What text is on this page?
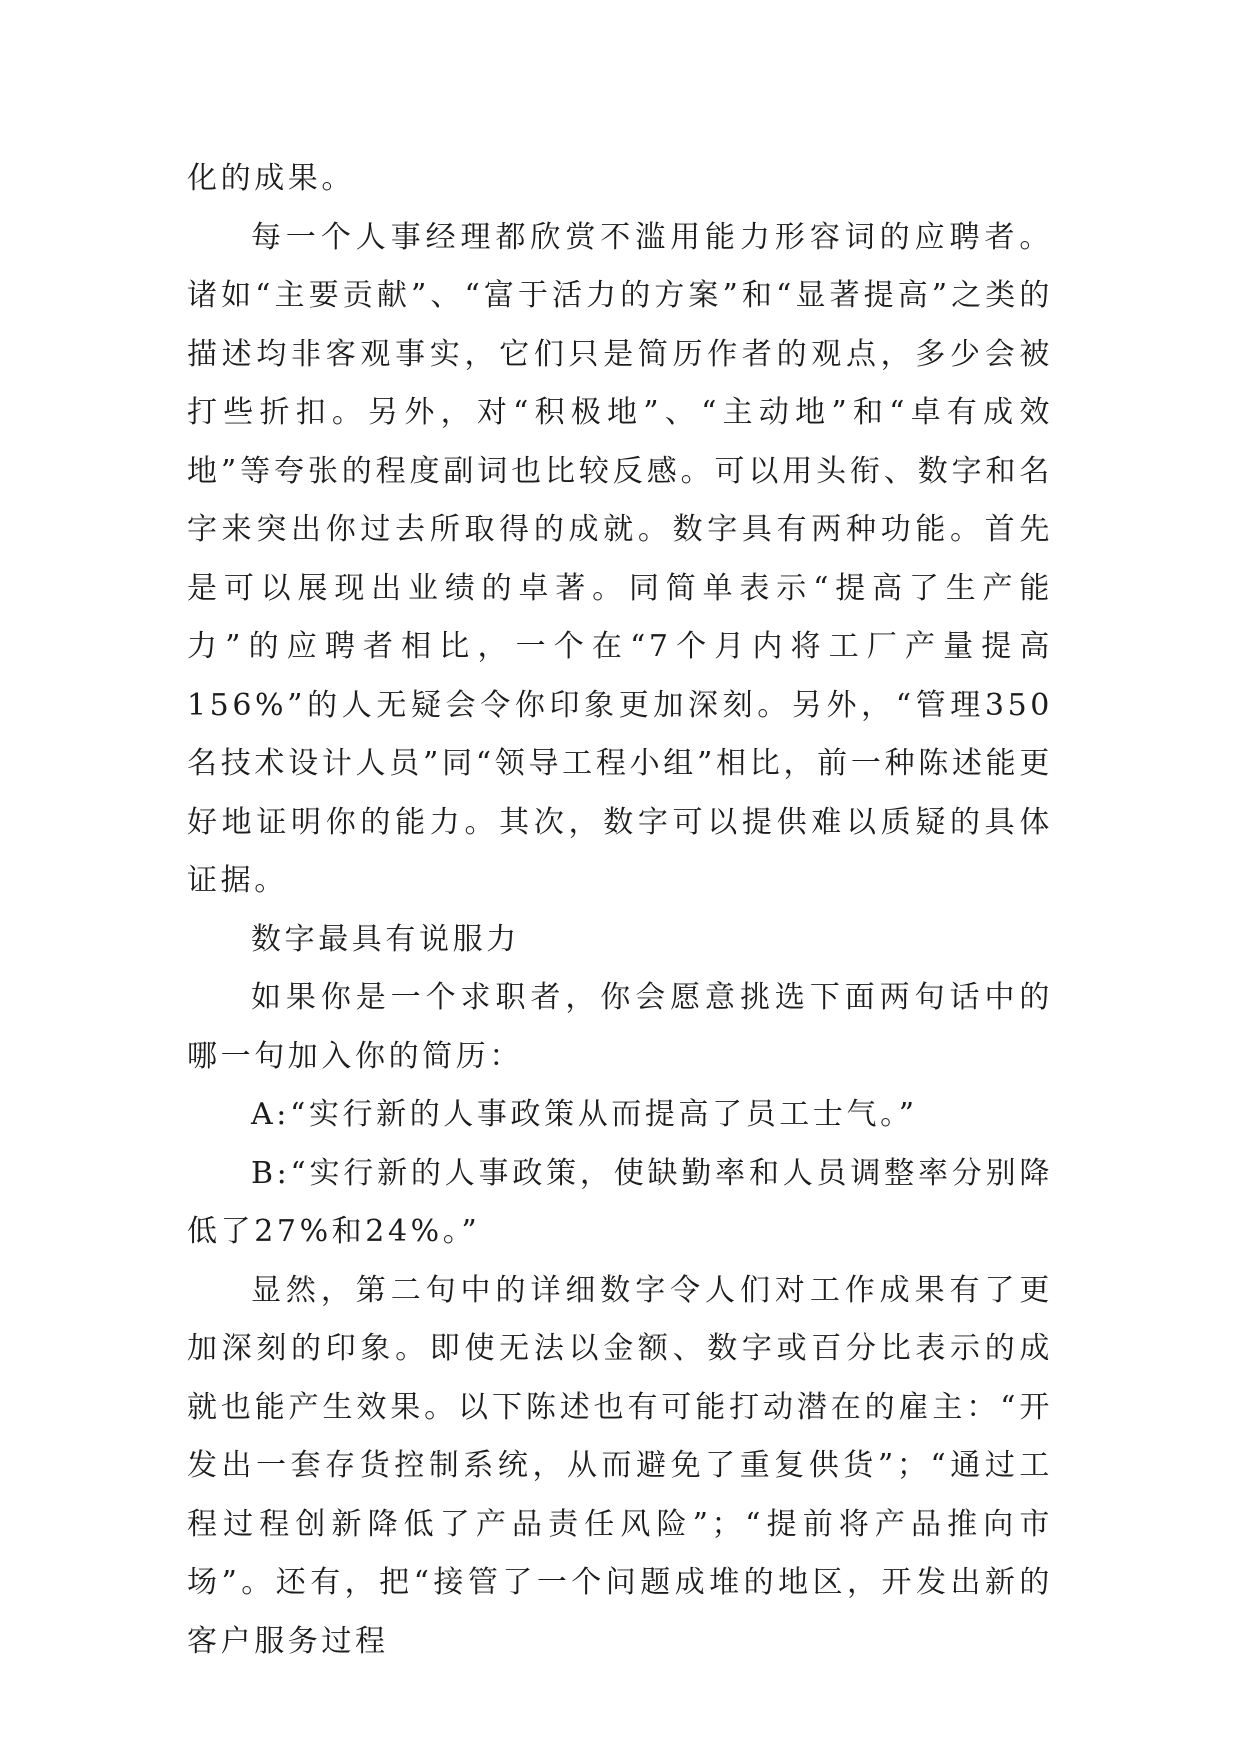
化的成果。

每一个人事经理都欣赏不滥用能力形容词的应聘者。诸如“主要贡献”、“富于活力的方案”和“显著提高”之类的描述均非客观事实，它们只是简历作者的观点，多少会被打些折扣。另外，对“积极地”、“主动地”和“卓有成效地”等夸张的程度副词也比较反感。可以用头衔、数字和名字来突出你过去所取得的成就。数字具有两种功能。首先是可以展现出业绩的卓著。同简单表示“提高了生产能力”的应聘者相比，一个在“7个月内将工厂产量提高156%”的人无疑会令你印象更加深刻。另外，“管理350名技术设计人员”同“领导工程小组”相比，前一种陈述能更好地证明你的能力。其次，数字可以提供难以质疑的具体证据。

数字最具有说服力

如果你是一个求职者，你会愿意挑选下面两句话中的哪一句加入你的简历：

A:“实行新的人事政策从而提高了员工士气。”

B:“实行新的人事政策，使缺勤率和人员调整率分别降低了27%和24%。”

显然，第二句中的详细数字令人们对工作成果有了更加深刻的印象。即使无法以金额、数字或百分比表示的成就也能产生效果。以下陈述也有可能打动潜在的雇主：“开发出一套存货控制系统，从而避免了重复供货”；“通过工程过程创新降低了产品责任风险”；“提前将产品推向市场”。还有，把“接管了一个问题成堆的地区，开发出新的客户服务过程
